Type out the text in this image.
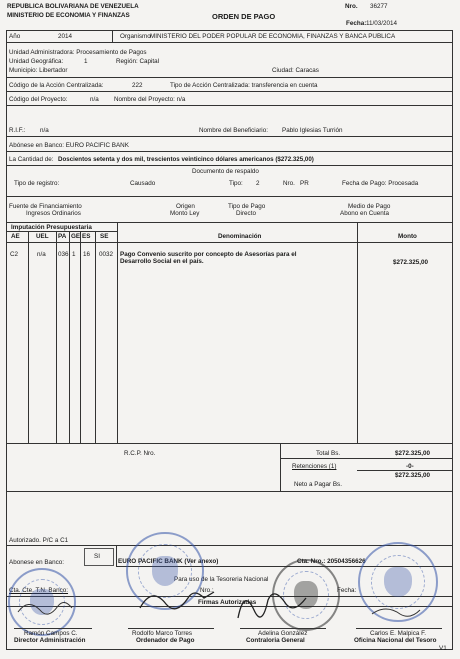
REPUBLICA BOLIVARIANA DE VENEZUELA
MINISTERIO DE ECONOMIA Y FINANZAS	ORDEN DE PAGO
Nro. 36277
Fecha: 11/03/2014
Año	2014	Organismo MINISTERIO DEL PODER POPULAR DE ECONOMIA, FINANZAS Y BANCA PUBLICA
Unidad Administradora: Procesamiento de Pagos
Unidad Geográfica:	1	Región: Capital
Municipio: Libertador	Ciudad: Caracas
Código de la Acción Centralizada:	222	Tipo de Acción Centralizada: transferencia en cuenta
Código del Proyecto:	n/a Nombre del Proyecto: n/a
R.I.F.: n/a	Nombre del Beneficiario: Pablo Iglesias Turrión
Abónese en Banco: EURO PACIFIC BANK
La Cantidad de: Doscientos setenta y dos mil, trescientos veinticinco dólares americanos ($272.325,00)
Documento de respaldo
Tipo de registro:	Causado	Tipo: 2	Nro. PR	Fecha de Pago: Procesada
Fuente de Financiamiento
Ingresos Ordinarios
Origen
Monto Ley
Tipo de Pago
Directo
Medio de Pago
Abono en Cuenta
Imputación Presupuestaria
AE	UEL PA GE ES SE	Denominación	Monto
C2	n/a 036 1 16 0032 Pago Convenio suscrito por concepto de Asesorías para el
Desarrollo Social en el país.	$272.325,00
R.C.P. Nro.	Total Bs.	$272.325,00
Retenciones (1)	-0-
$272.325,00
Neto a Pagar Bs.
Autorizado. P/C a C1
Abonese en Banco:
SI
EURO PACIFIC BANK (Ver anexo)	Cta. Nro.: 20504356626
Para uso de la Tesoreria Nacional
Cta. Cte. T.N. Banco:	Nro.:	Fecha:
Firmas Autorizadas
Ramón Campos C.
Director Administración
Rodolfo Marco Torres
Ordenador de Pago
Adelina González
Contraloria General
Carlos E. Malpica F.
Oficina Nacional del Tesoro
V1
